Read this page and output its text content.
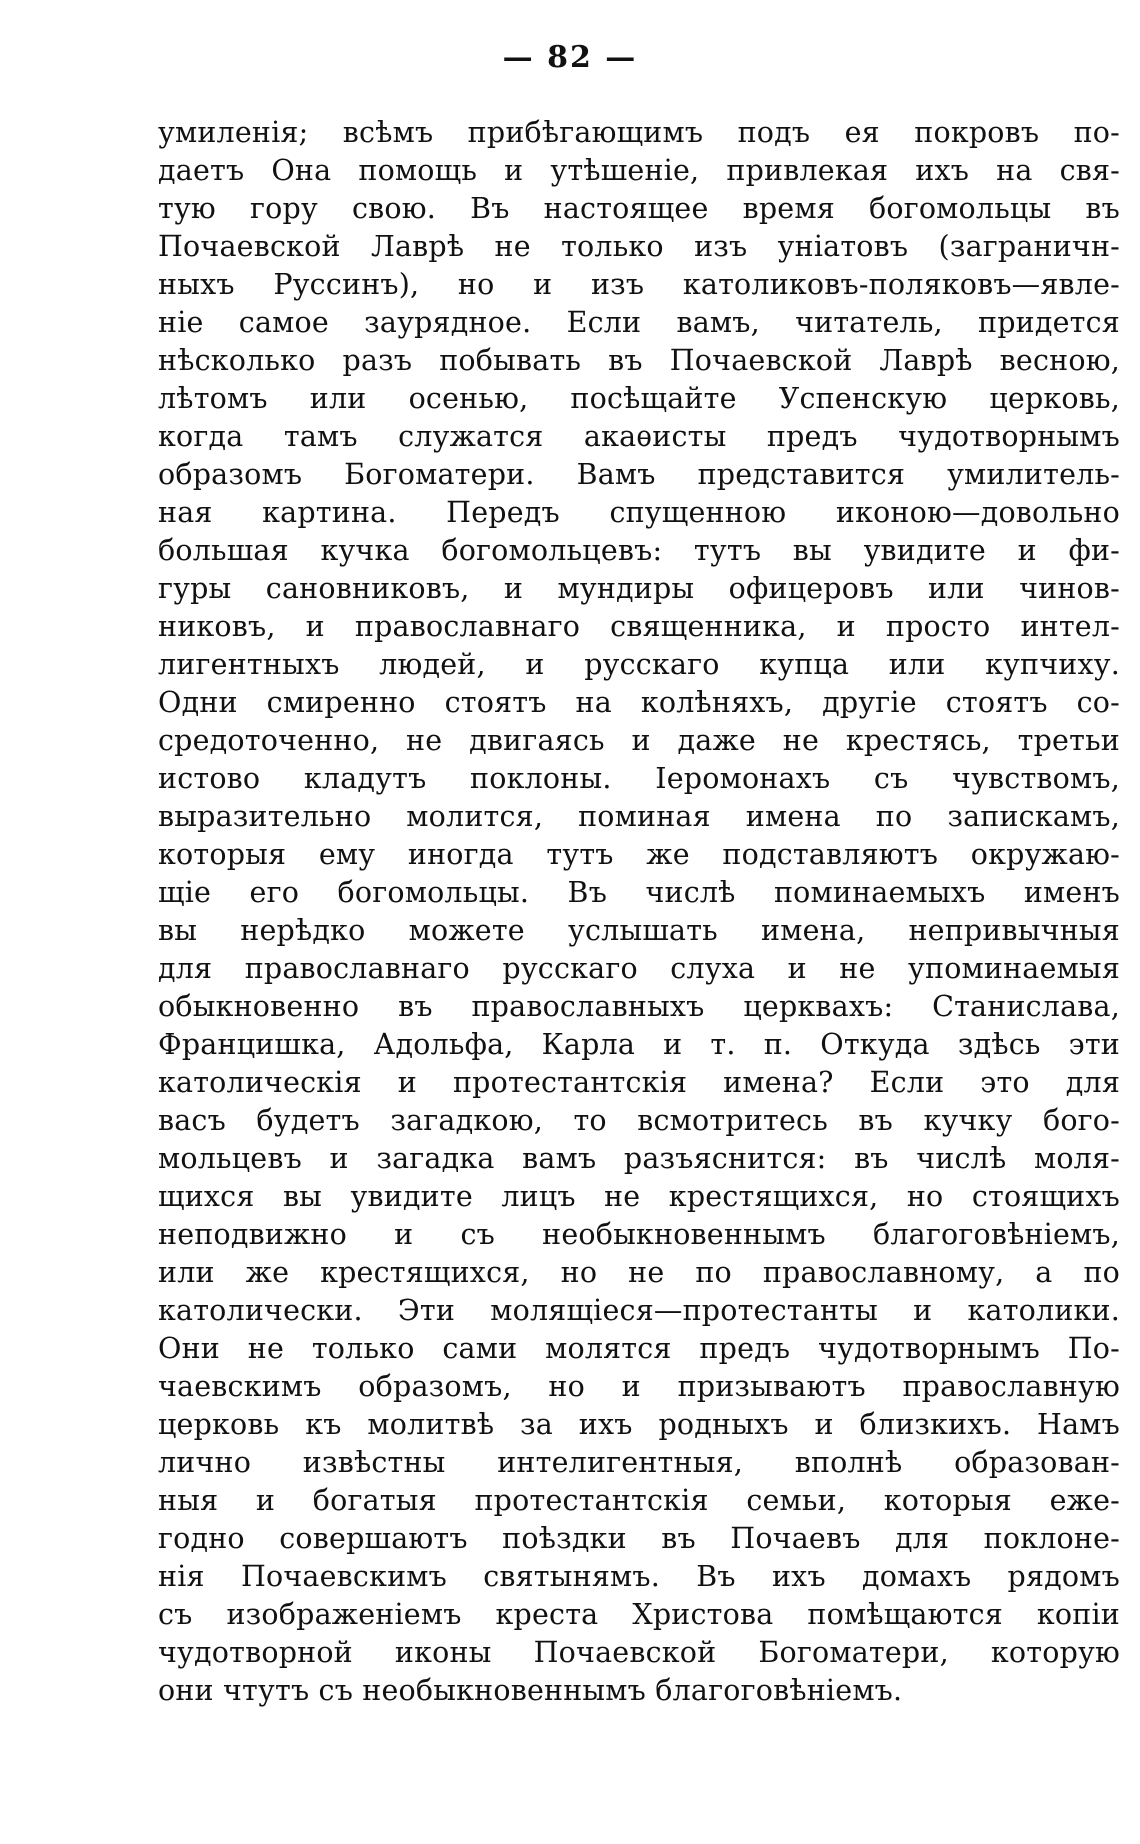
— 82 —
умиленія; всѣмъ прибѣгающимъ подъ ея покровъ по-
даетъ Она помощь и утѣшеніе, привлекая ихъ на свя-
тую гору свою. Въ настоящее время богомольцы въ
Почаевской Лаврѣ не только изъ уніатовъ (заграничн-
ныхъ Руссинъ), но и изъ католиковъ-поляковъ—явле-
ніе самое заурядное. Если вамъ, читатель, придется
нѣсколько разъ побывать въ Почаевской Лаврѣ весною,
лѣтомъ или осенью, посѣщайте Успенскую церковь,
когда тамъ служатся акаѳисты предъ чудотворнымъ
образомъ Богоматери. Вамъ представится умилитель-
ная картина. Передъ спущенною иконою—довольно
большая кучка богомольцевъ: тутъ вы увидите и фи-
гуры сановниковъ, и мундиры офицеровъ или чинов-
никовъ, и православнаго священника, и просто интел-
лигентныхъ людей, и русскаго купца или купчиху.
Одни смиренно стоятъ на колѣняхъ, другіе стоятъ со-
средоточенно, не двигаясь и даже не крестясь, третьи
истово кладутъ поклоны. Іеромонахъ съ чувствомъ,
выразительно молится, поминая имена по запискамъ,
которыя ему иногда тутъ же подставляютъ окружаю-
щіе его богомольцы. Въ числѣ поминаемыхъ именъ
вы нерѣдко можете услышать имена, непривычныя
для православнаго русскаго слуха и не упоминаемыя
обыкновенно въ православныхъ церквахъ: Станислава,
Францишка, Адольфа, Карла и т. п. Откуда здѣсь эти
католическія и протестантскія имена? Если это для
васъ будетъ загадкою, то всмотритесь въ кучку бого-
мольцевъ и загадка вамъ разъяснится: въ числѣ моля-
щихся вы увидите лицъ не крестящихся, но стоящихъ
неподвижно и съ необыкновеннымъ благоговѣніемъ,
или же крестящихся, но не по православному, а по
католически. Эти молящіеся—протестанты и католики.
Они не только сами молятся предъ чудотворнымъ По-
чаевскимъ образомъ, но и призываютъ православную
церковь къ молитвѣ за ихъ родныхъ и близкихъ. Намъ
лично извѣстны интелигентныя, вполнѣ образован-
ныя и богатыя протестантскія семьи, которыя еже-
годно совершаютъ поѣздки въ Почаевъ для поклоне-
нія Почаевскимъ святынямъ. Въ ихъ домахъ рядомъ
съ изображеніемъ креста Христова помѣщаются копіи
чудотворной иконы Почаевской Богоматери, которую
они чтутъ съ необыкновеннымъ благоговѣніемъ.
